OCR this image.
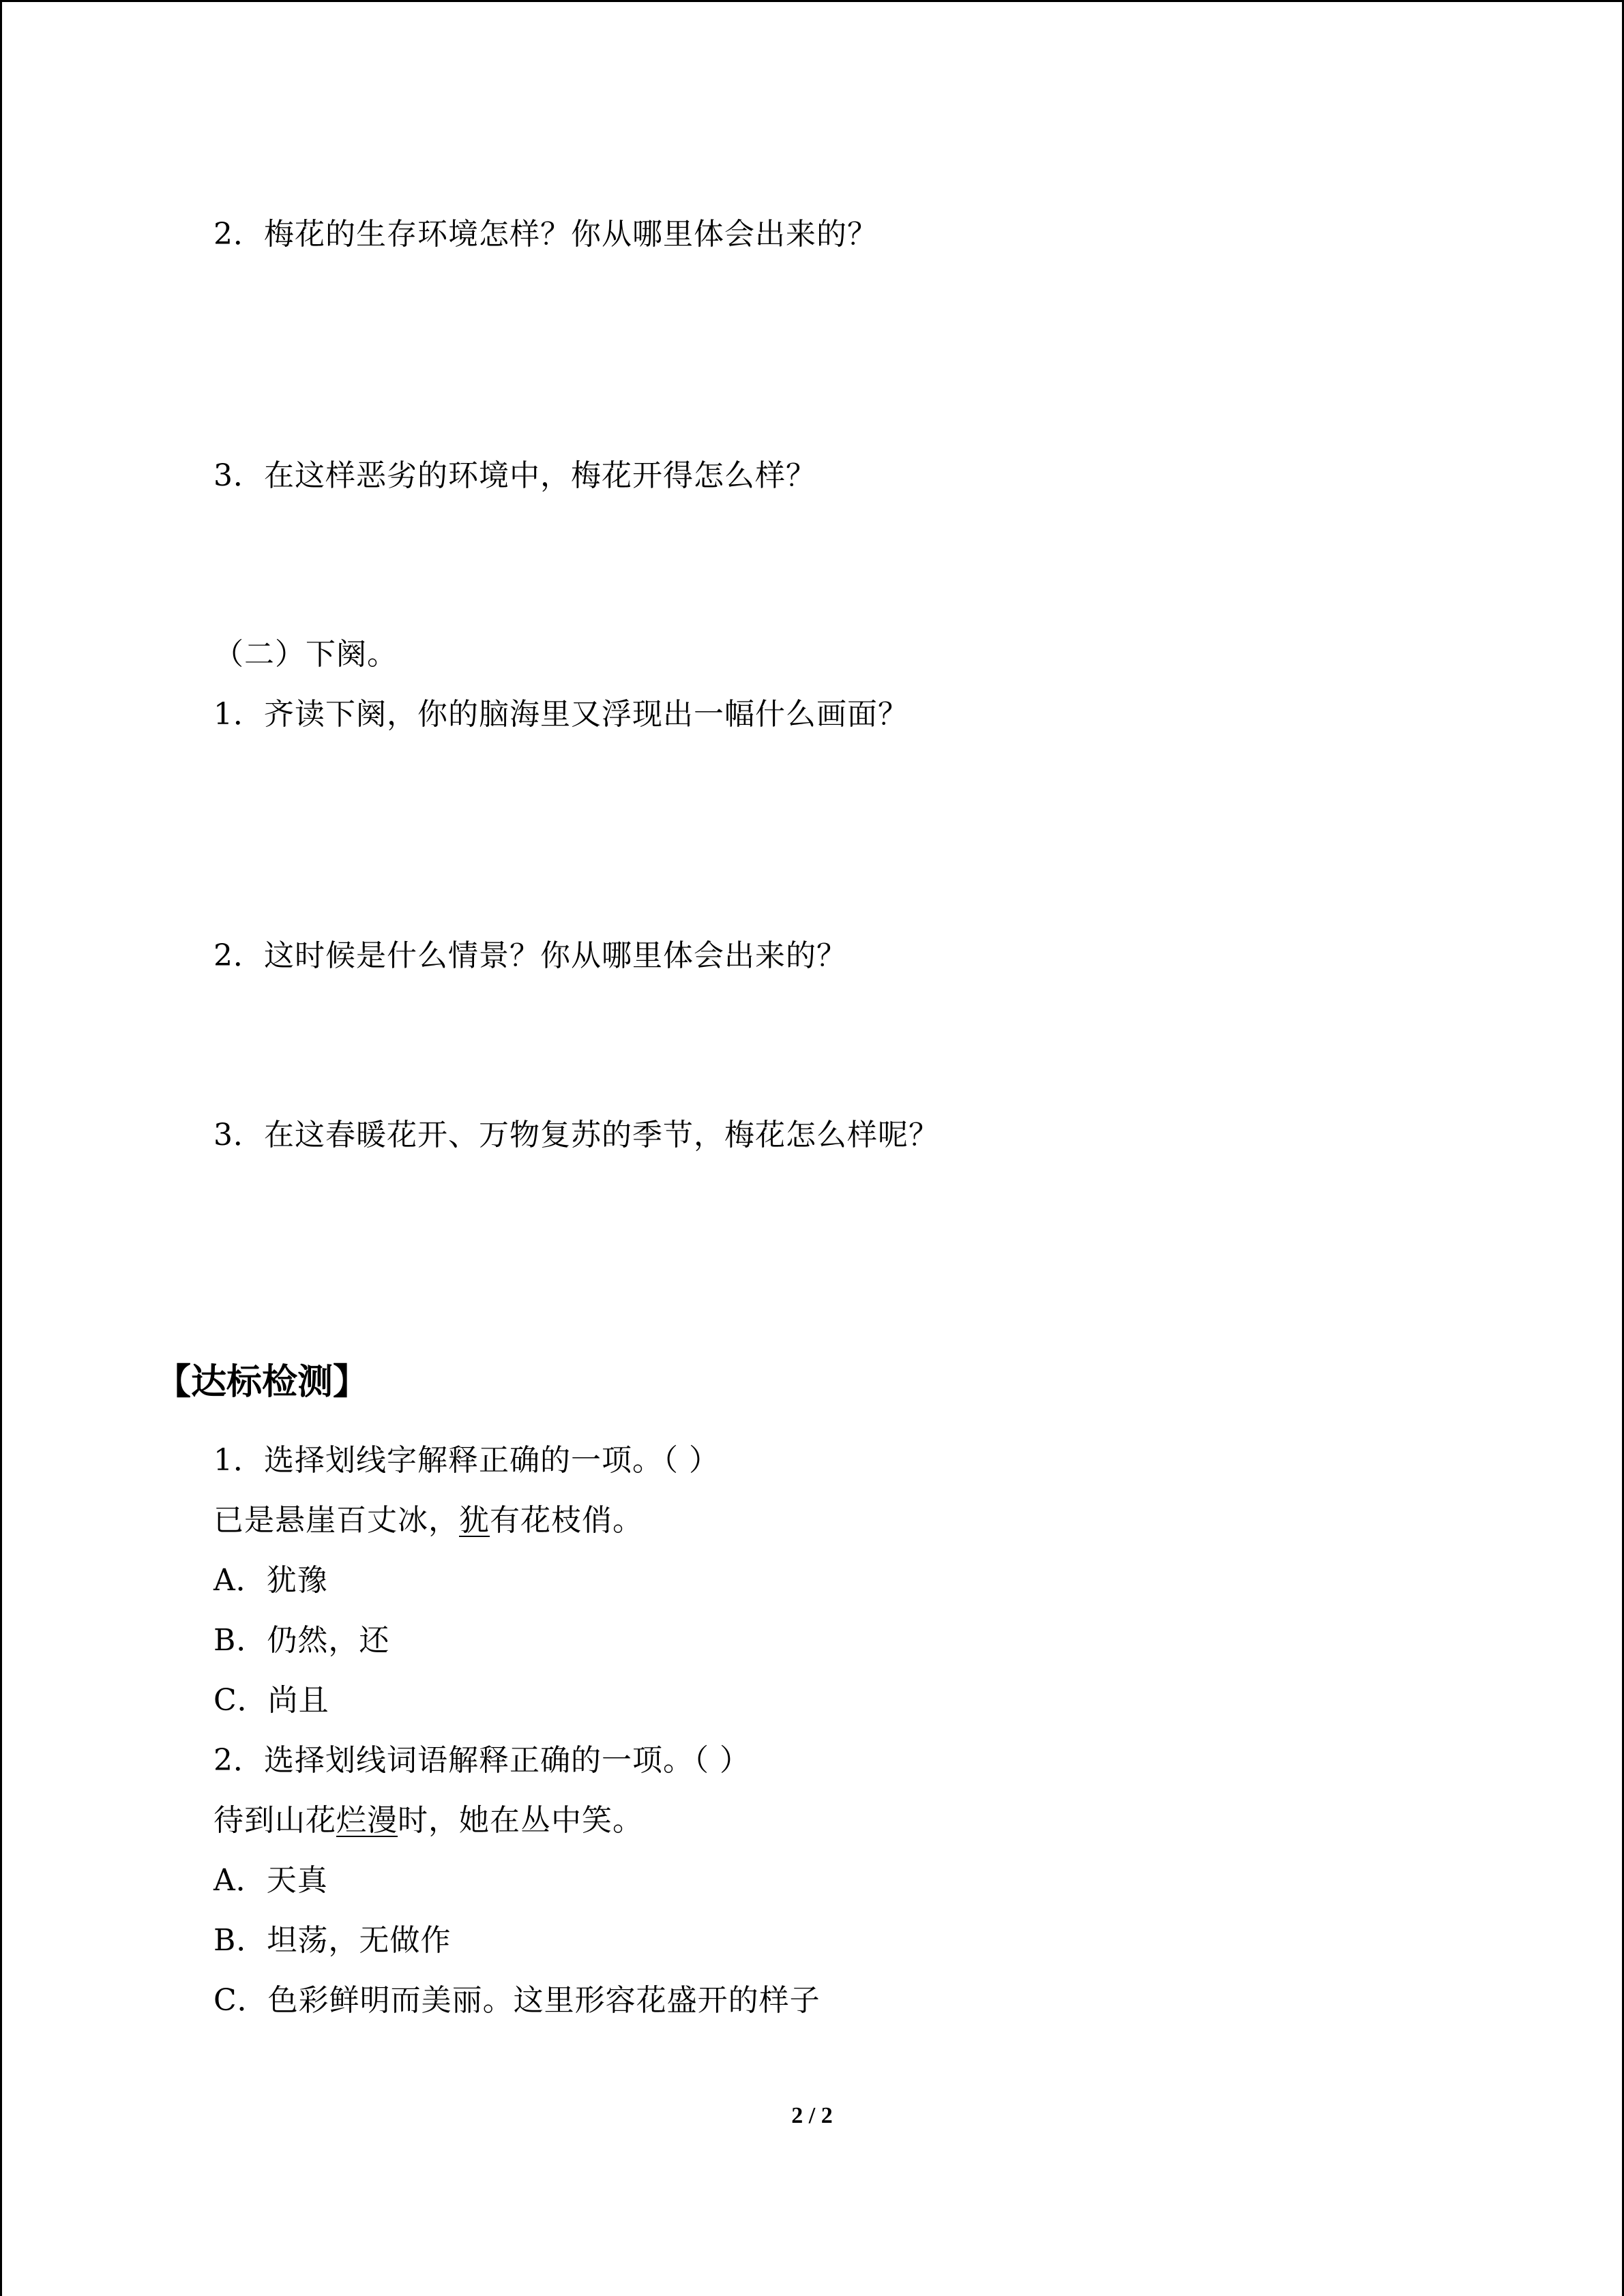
2．梅花的生存环境怎样？你从哪里体会出来的？
3．在这样恶劣的环境中，梅花开得怎么样？
（二）下阕。
1．齐读下阕，你的脑海里又浮现出一幅什么画面？
2．这时候是什么情景？你从哪里体会出来的？
3．在这春暖花开、万物复苏的季节，梅花怎么样呢？
【达标检测】
1．选择划线字解释正确的一项。（ ）
已是悬崖百丈冰，犹有花枝俏。
A．犹豫
B．仍然，还
C．尚且
2．选择划线词语解释正确的一项。（ ）
待到山花烂漫时，她在丛中笑。
A．天真
B．坦荡，无做作
C．色彩鲜明而美丽。这里形容花盛开的样子
2 / 2
